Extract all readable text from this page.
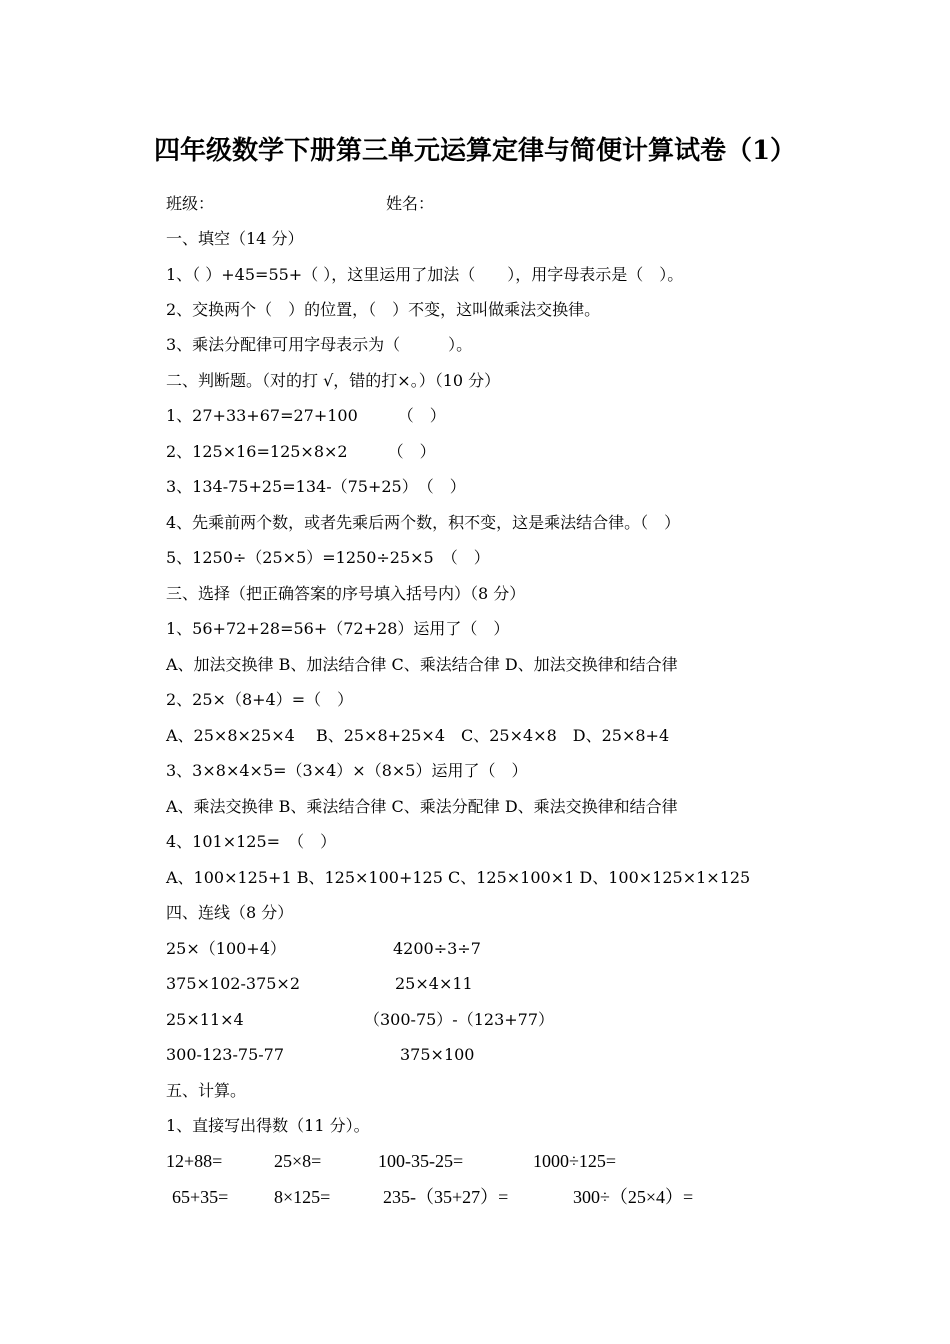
四年级数学下册第三单元运算定律与简便计算试卷（1）
班级：	姓名：
一、填空（14 分）
1、（ ）+45=55+（ ），这里运用了加法（　　），用字母表示是（　）。
2、交换两个（　）的位置，（　）不变，这叫做乘法交换律。
3、乘法分配律可用字母表示为（　　　）。
二、判断题。（对的打 √，错的打×。）（10 分）
1、27+33+67=27+100　　　（　）
2、125×16=125×8×2　　　（　）
3、134-75+25=134-（75+25）　（　）
4、先乘前两个数，或者先乘后两个数，积不变，这是乘法结合律。（　）
5、1250÷（25×5）=1250÷25×5　（　）
三、选择（把正确答案的序号填入括号内）（8 分）
1、56+72+28=56+（72+28）运用了（　）
A、加法交换律 B、加法结合律 C、乘法结合律 D、加法交换律和结合律
2、25×（8+4）=（　）
A、25×8×25×4　 B、25×8+25×4　C、25×4×8　D、25×8+4
3、3×8×4×5=（3×4）×（8×5）运用了（　）
A、乘法交换律 B、乘法结合律 C、乘法分配律 D、乘法交换律和结合律
4、101×125=　（　）
A、100×125+1 B、125×100+125 C、125×100×1 D、100×125×1×125
四、连线（8 分）
25×（100+4）	4200÷3÷7
375×102-375×2	25×4×11
25×11×4	（300-75）-（123+77）
300-123-75-77	375×100
五、计算。
1、直接写出得数（11 分）。
12+88=	25×8=	100-35-25=	1000÷125=
65+35=	8×125=	235-（35+27）=	300÷（25×4）=
